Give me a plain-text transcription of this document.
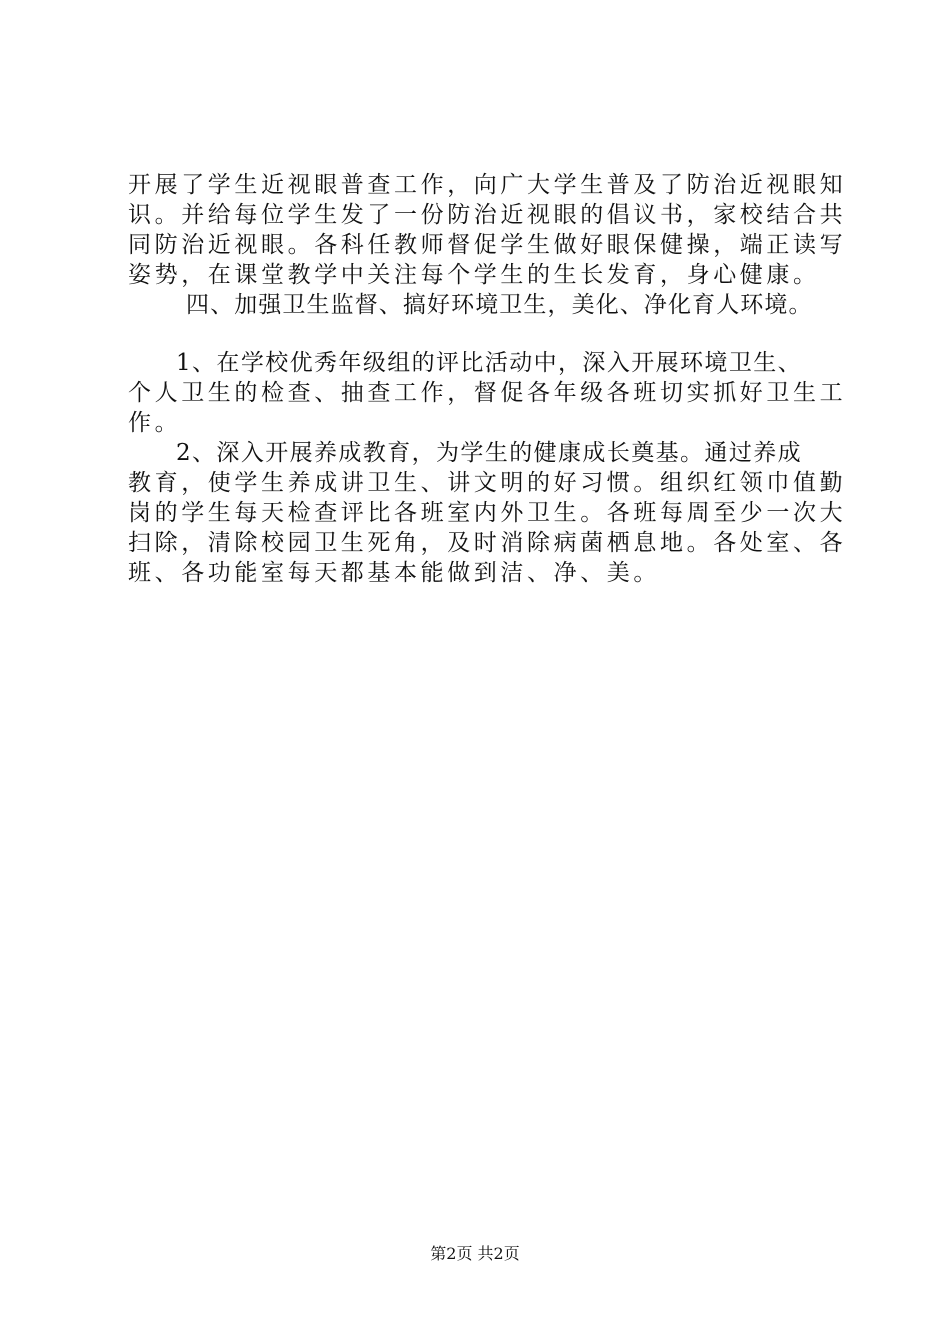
开展了学生近视眼普查工作，向广大学生普及了防治近视眼知
识。并给每位学生发了一份防治近视眼的倡议书，家校结合共
同防治近视眼。各科任教师督促学生做好眼保健操，端正读写
姿势，在课堂教学中关注每个学生的生长发育，身心健康。
四、加强卫生监督、搞好环境卫生，美化、净化育人环境。
1、在学校优秀年级组的评比活动中，深入开展环境卫生、
个人卫生的检查、抽查工作，督促各年级各班切实抓好卫生工
作。
2、深入开展养成教育，为学生的健康成长奠基。通过养成
教育，使学生养成讲卫生、讲文明的好习惯。组织红领巾值勤
岗的学生每天检查评比各班室内外卫生。各班每周至少一次大
扫除，清除校园卫生死角，及时消除病菌栖息地。各处室、各
班、各功能室每天都基本能做到洁、净、美。
第2页 共2页
